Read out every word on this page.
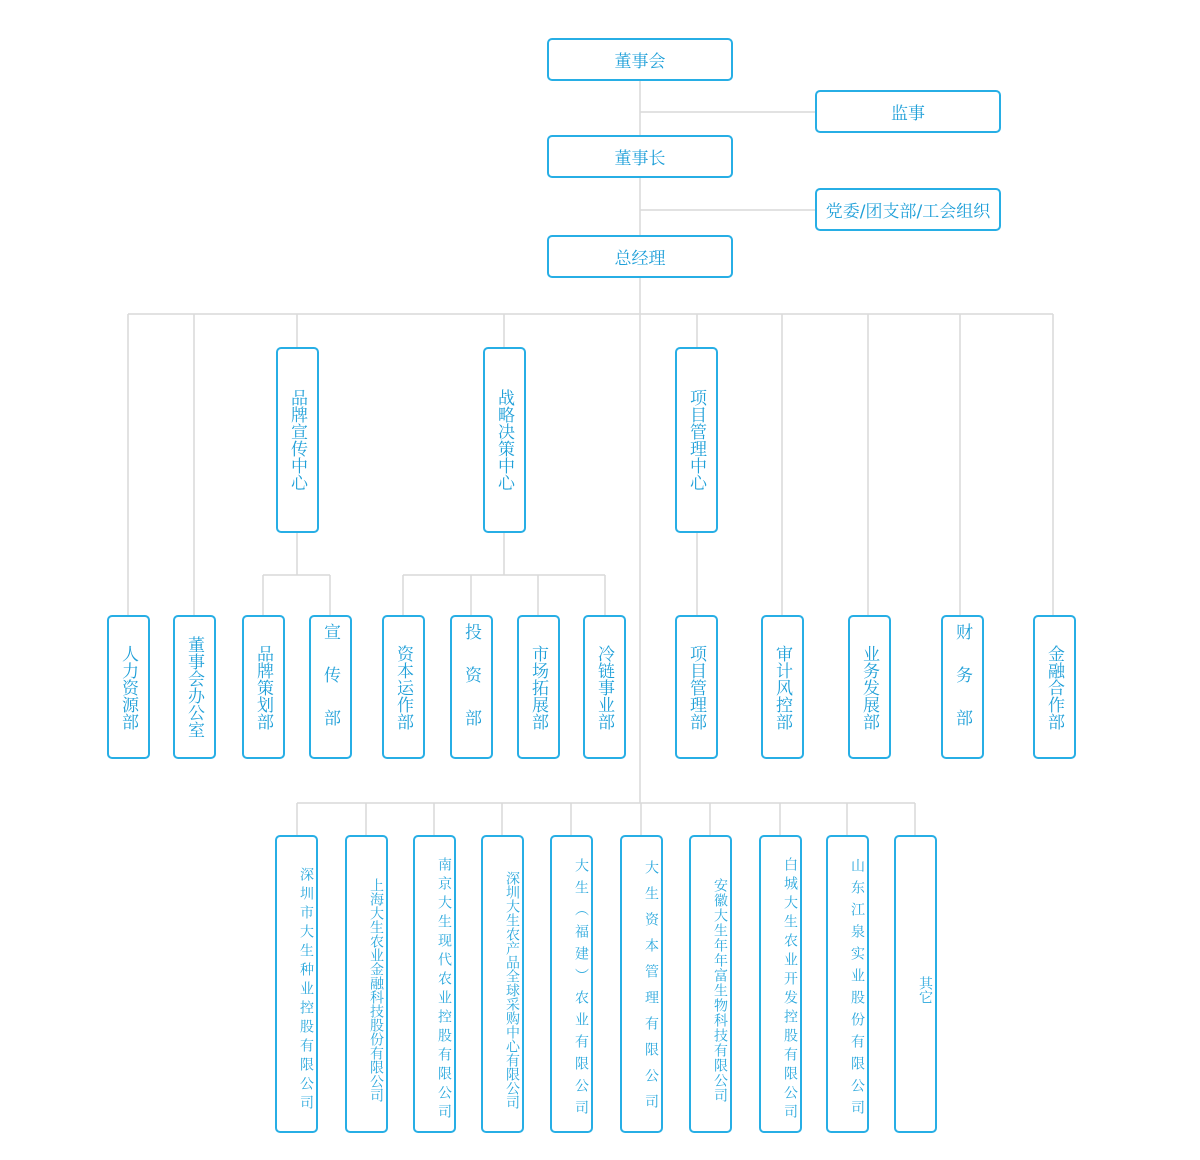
董事会
监事
董事长
党委/团支部/工会组织
总经理
品牌宣传中心	战略决策中心	项目管理中心
人力资源部	董事会办公室	品牌策划部	宣传部	资本运作部	投资部	市场拓展部	冷链事业部	项目管理部	审计风控部	业务发展部	财务部	金融合作部
深圳市大生种业控股有限公司	上海大生农业金融科技股份有限公司	南京大生现代农业控股有限公司	深圳大生农产品全球采购中心有限公司	大生（福建）农业有限公司	大生资本管理有限公司	安徽大生年年富生物科技有限公司	白城大生农业开发控股有限公司	山东江泉实业股份有限公司	其它
